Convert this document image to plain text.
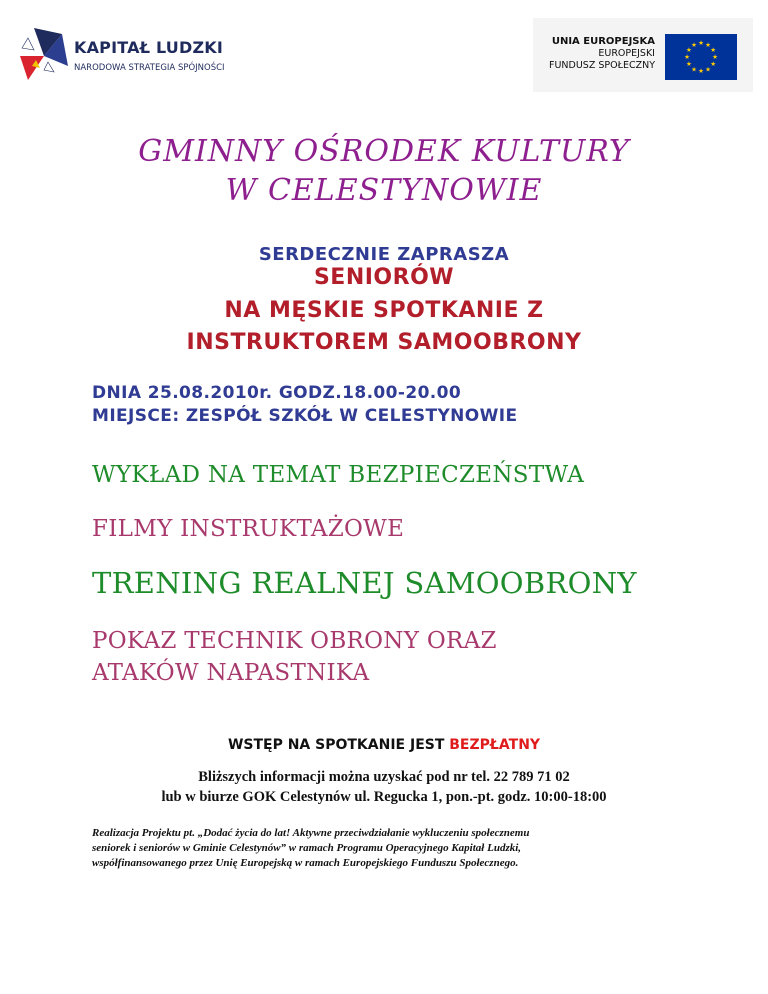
KAPITAŁ LUDZKI
NARODOWA STRATEGIA SPÓJNOŚCI
UNIA EUROPEJSKA
EUROPEJSKI
FUNDUSZ SPOŁECZNY
★ ★
★
★
★
★
★
★
★
★
★
★
GMINNY OŚRODEK KULTURY
W CELESTYNOWIE
SERDECZNIE ZAPRASZA
SENIORÓW
NA MĘSKIE SPOTKANIE Z
INSTRUKTOREM SAMOOBRONY
DNIA 25.08.2010r. GODZ.18.00-20.00
MIEJSCE: ZESPÓŁ SZKÓŁ W CELESTYNOWIE
WYKŁAD NA TEMAT BEZPIECZEŃSTWA
FILMY INSTRUKTAŻOWE
TRENING REALNEJ SAMOOBRONY
POKAZ TECHNIK OBRONY ORAZ
ATAKÓW NAPASTNIKA
WSTĘP NA SPOTKANIE JEST BEZPŁATNY
Bliższych informacji można uzyskać pod nr tel. 22 789 71 02
lub w biurze GOK Celestynów ul. Regucka 1, pon.-pt. godz. 10:00-18:00
Realizacja Projektu pt. „Dodać życia do lat! Aktywne przeciwdziałanie wykluczeniu społecznemu
seniorek i seniorów w Gminie Celestynów” w ramach Programu Operacyjnego Kapitał Ludzki,
współfinansowanego przez Unię Europejską w ramach Europejskiego Funduszu Społecznego.
